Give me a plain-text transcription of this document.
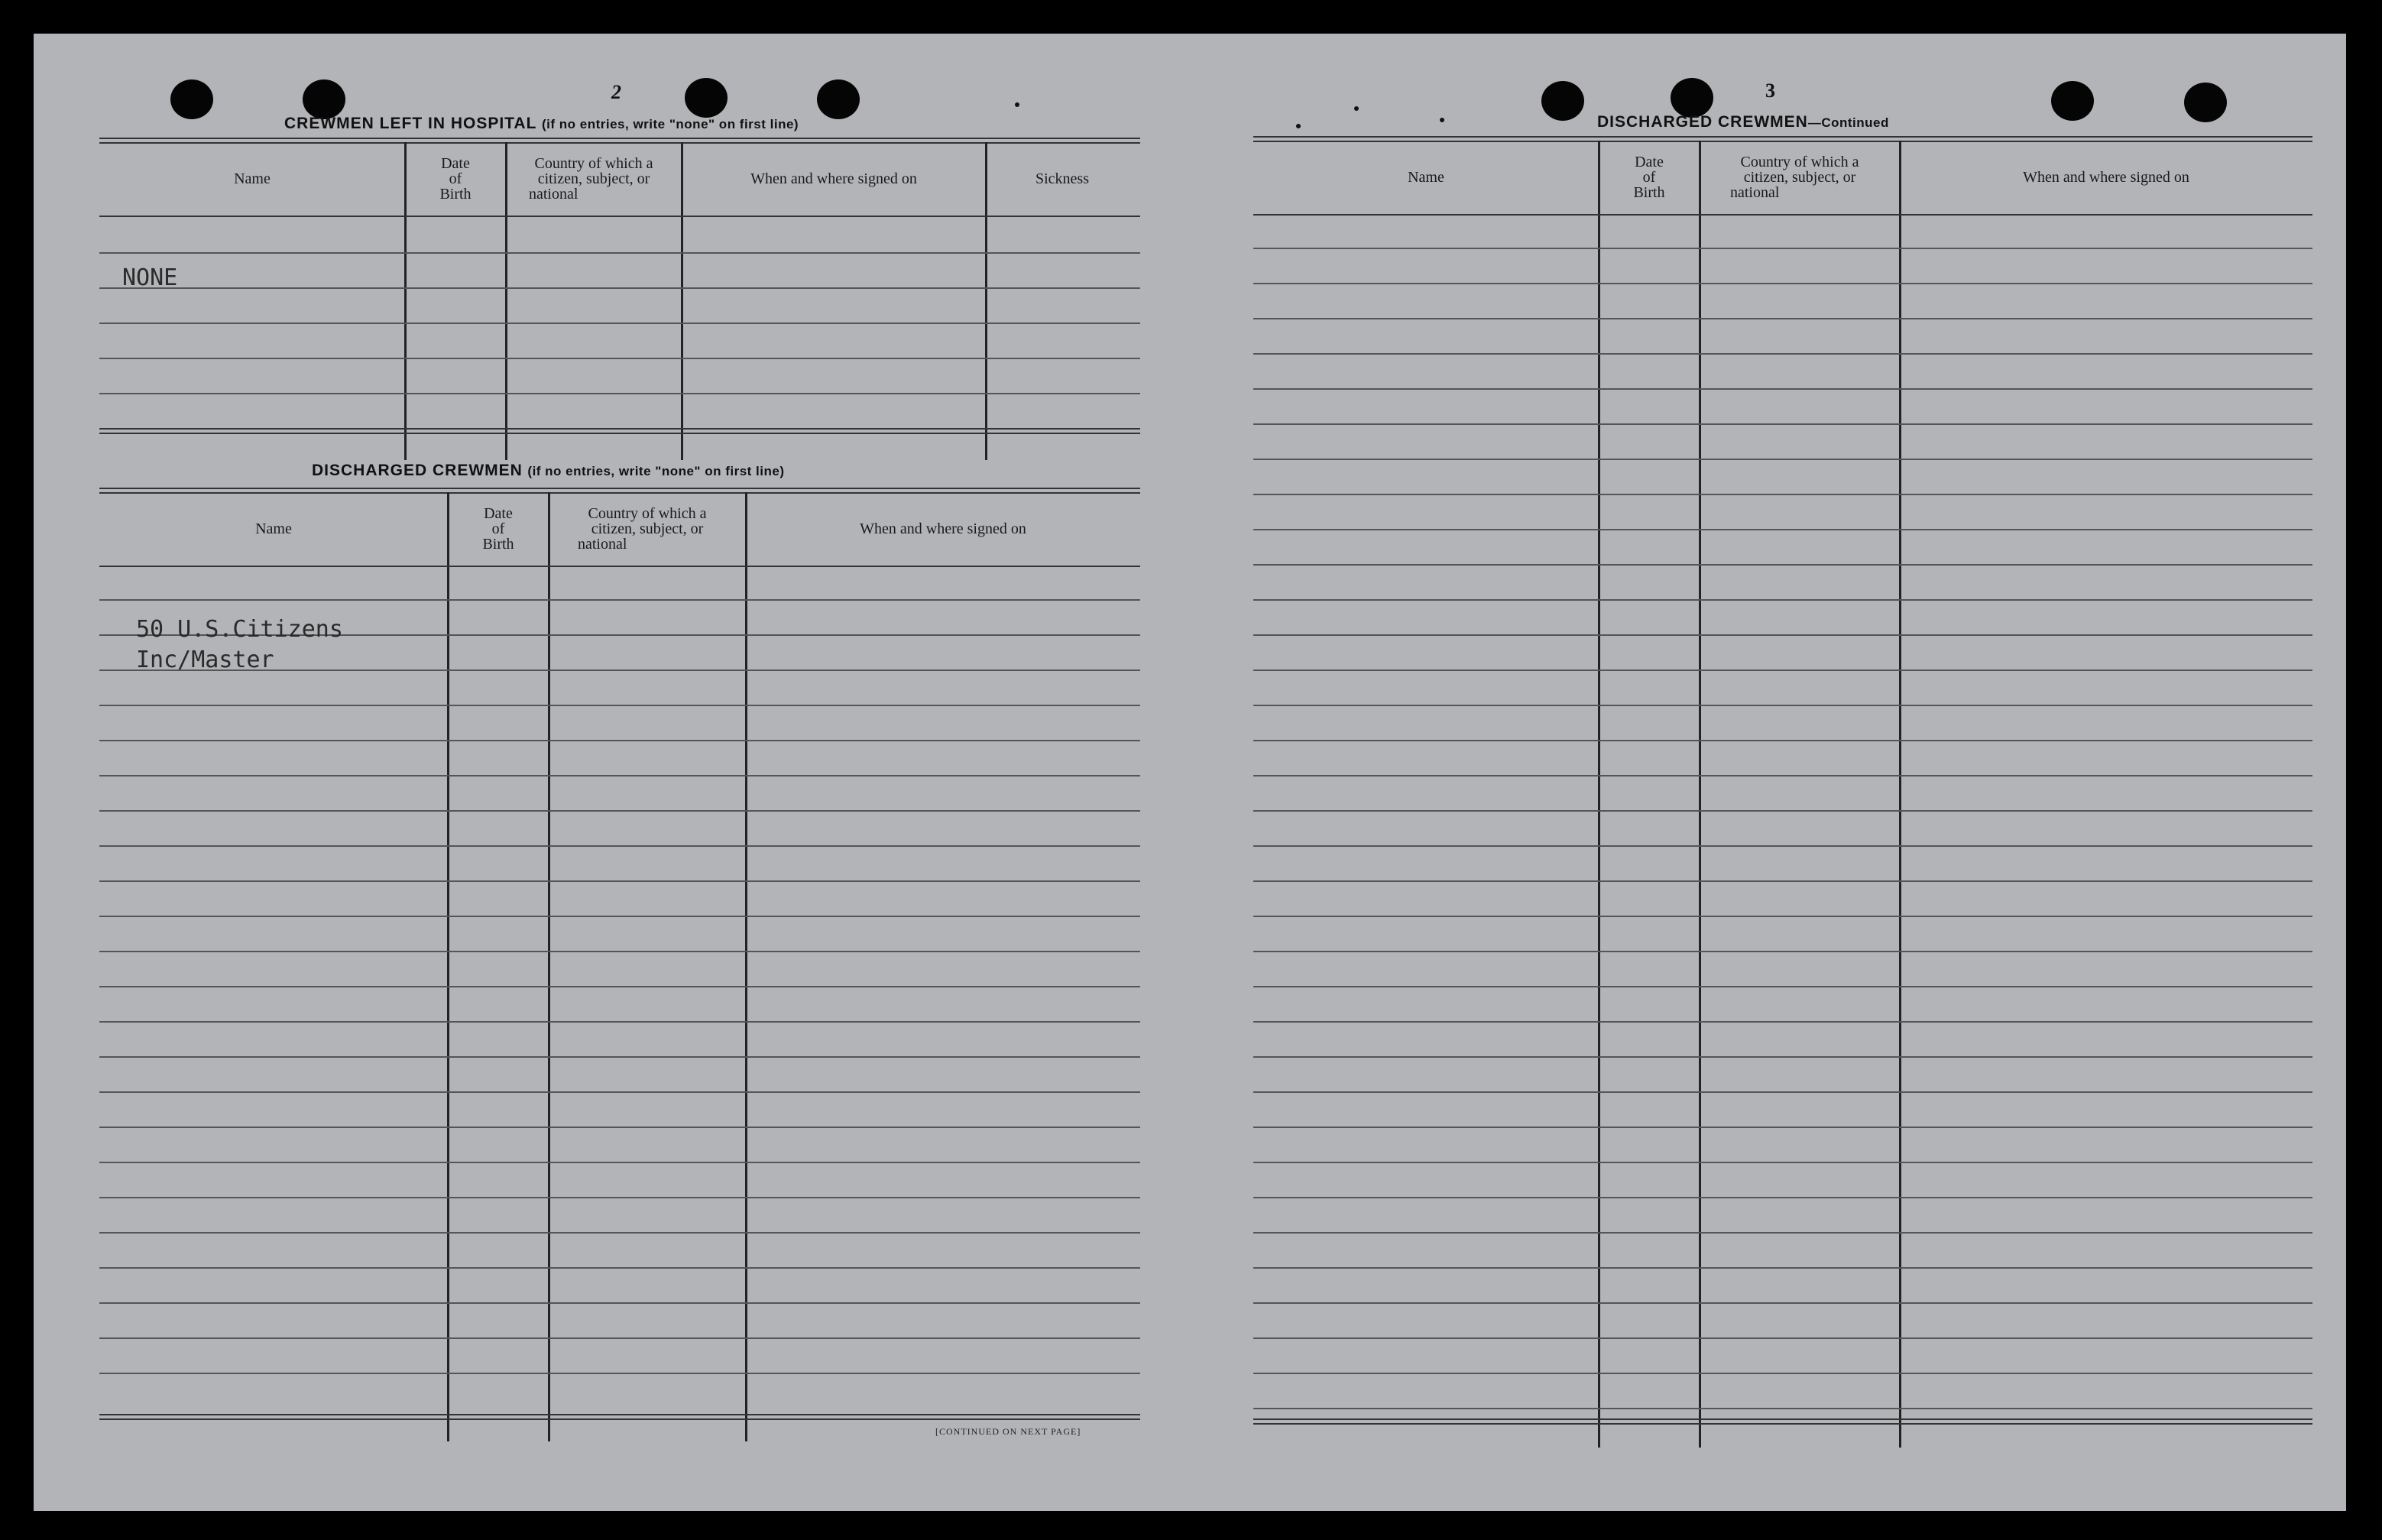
2
CREWMEN LEFT IN HOSPITAL (if no entries, write "none" on first line)
Name
Date
of
Birth
Country of which a
citizen, subject, or
national
When and where signed on	Sickness
NONE
DISCHARGED CREWMEN (if no entries, write "none" on first line)
Name
Date
of
Birth
Country of which a
citizen, subject, or
national
When and where signed on
50 U.S.Citizens
Inc/Master
[CONTINUED ON NEXT PAGE]
3
DISCHARGED CREWMEN—Continued
Name
Date
of
Birth
Country of which a
citizen, subject, or
national
When and where signed on
